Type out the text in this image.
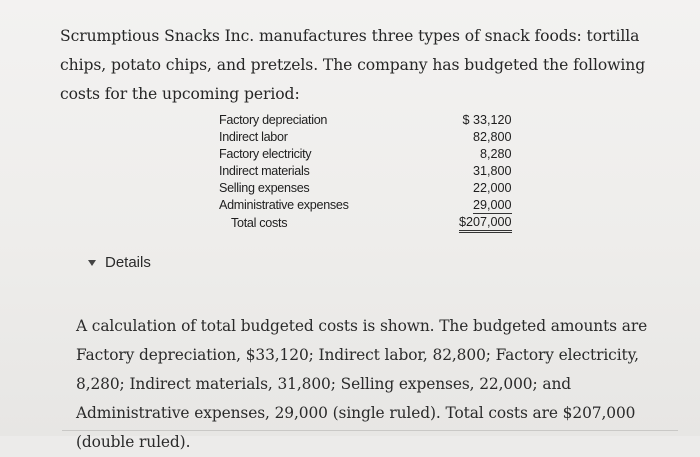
Scrumptious Snacks Inc. manufactures three types of snack foods: tortilla chips, potato chips, and pretzels. The company has budgeted the following costs for the upcoming period:

Factory depreciation	$ 33,120
Indirect labor	82,800
Factory electricity	8,280
Indirect materials	31,800
Selling expenses	22,000
Administrative expenses	29,000
Total costs	$207,000
Details

A calculation of total budgeted costs is shown. The budgeted amounts are Factory depreciation, $33,120; Indirect labor, 82,800; Factory electricity, 8,280; Indirect materials, 31,800; Selling expenses, 22,000; and Administrative expenses, 29,000 (single ruled). Total costs are $207,000 (double ruled).
